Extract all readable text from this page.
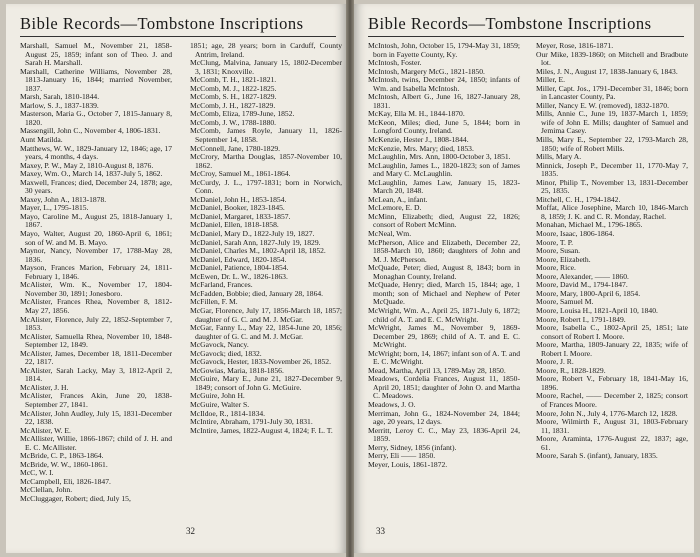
Bible Records—Tombstone Inscriptions

Marshall, Samuel M., November 21, 1858-August 25, 1859; infant son of Theo. J. and Sarah H. Marshall.

Marshall, Catherine Williams, November 28, 1813-January 16, 1844; married November, 1837.

Marsh, Sarah, 1810-1844.

Marlow, S. J., 1837-1839.

Masterson, Maria G., October 7, 1815-January 8, 1820.

Massengill, John C., November 4, 1806-1831.

Aunt Matilda.

Matthews, W. W., 1829-January 12, 1846; age, 17 years, 4 months, 4 days.

Maxey, P. W., May 2, 1810-August 8, 1876.

Maxey, Wm. O., March 14, 1837-July 5, 1862.

Maxwell, Frances; died, December 24, 1878; age, 30 years.

Maxey, John A., 1813-1878.

Mayer, L., 1795-1815.

Mayo, Caroline M., August 25, 1818-January 1, 1867.

Mayo, Walter, August 20, 1860-April 6, 1861; son of W. and M. B. Mayo.

Maynor, Nancy, November 17, 1788-May 28, 1836.

Mayson, Frances Marion, February 24, 1811-February 1, 1846.

McAlister, Wm. K., November 17, 1804-November 30, 1891; Jonesboro.

McAlister, Frances Rhea, November 8, 1812-May 27, 1856.

McAlister, Florence, July 22, 1852-September 7, 1853.

McAlister, Samuella Rhea, November 10, 1848-September 12, 1849.

McAlister, James, December 18, 1811-December 22, 1817.

McAlister, Sarah Lacky, May 3, 1812-April 2, 1814.

McAlister, J. H.

McAlister, Frances Akin, June 20, 1838-September 27, 1841.

McAlister, John Audley, July 15, 1831-December 22, 1838.

McAlister, W. E.

McAllister, Willie, 1866-1867; child of J. H. and E. C. McAllister.

McBride, C. P., 1863-1864.

McBride, W. W., 1860-1861.

McC, W. I.

McCampbell, Eli, 1826-1847.

McClellan, John.

McCluggager, Robert; died, July 15,

1851; age, 28 years; born in Carduff, County Antrim, Ireland.

McClung, Malvina, January 15, 1802-December 3, 1831; Knoxville.

McComb, T. H., 1821-1821.

McComb, M. J., 1822-1825.

McComb, S. H., 1827-1829.

McComb, J. H., 1827-1829.

McComb, Eliza, 1789-June, 1852.

McComb, J. W., 1788-1880.

McComb, James Royle, January 11, 1826-September 14, 1858.

McConnell, Jane, 1780-1829.

McCrory, Martha Douglas, 1857-November 10, 1862.

McCroy, Samuel M., 1861-1864.

McCurdy, J. L., 1797-1831; born in Norwich, Conn.

McDaniel, John H., 1853-1854.

McDaniel, Booker, 1823-1845.

McDaniel, Margaret, 1833-1857.

McDaniel, Ellen, 1818-1858.

McDaniel, Mary D., 1822-July 19, 1827.

McDaniel, Sarah Ann, 1827-July 19, 1829.

McDaniel, Charles M., 1802-April 18, 1852.

McDaniel, Edward, 1820-1854.

McDaniel, Patience, 1804-1854.

McEwen, Dr. L. W., 1826-1863.

McFarland, Frances.

McFadden, Bobbie; died, January 28, 1864.

McFillen, F. M.

McGar, Florence, July 17, 1856-March 18, 1857; daughter of G. C. and M. J. McGar.

McGar, Fanny L., May 22, 1854-June 20, 1856; daughter of G. C. and M. J. McGar.

McGavock, Nancy.

McGavock; died, 1832.

McGavock, Hester, 1833-November 26, 1852.

McGowias, Maria, 1818-1856.

McGuire, Mary E., June 21, 1827-December 9, 1849; consort of John G. McGuire.

McGuire, John H.

McGuire, Walter S.

McIldoe, R., 1814-1834.

McIntire, Abraham, 1791-July 30, 1831.

McIntire, James, 1822-August 4, 1824; F. L. T.

32
Bible Records—Tombstone Inscriptions

McIntosh, John, October 15, 1794-May 31, 1859; born in Fayette County, Ky.

McIntosh, Foster.

McIntosh, Margery McG., 1821-1850.

McIntosh, twins, December 24, 1850; infants of Wm. and Isabella McIntosh.

McIntosh, Albert G., June 16, 1827-January 28, 1831.

McKay, Ella M. H., 1844-1870.

McKeon, Miles; died, June 5, 1844; born in Longford County, Ireland.

McKenzie, Hester J., 1808-1844.

McKenzie, Mrs. Mary; died, 1853.

McLaughlin, Mrs. Ann, 1800-October 3, 1851.

McLaughlin, James L., 1820-1823; son of James and Mary C. McLaughlin.

McLaughlin, James Law, January 15, 1823-March 20, 1848.

McLean, A., infant.

McLemore, E. D.

McMinn, Elizabeth; died, August 22, 1826; consort of Robert McMinn.

McNeal, Wm.

McPherson, Alice and Elizabeth, December 22, 1858-March 10, 1860; daughters of John and M. J. McPherson.

McQuade, Peter; died, August 8, 1843; born in Monaghan County, Ireland.

McQuade, Henry; died, March 15, 1844; age, 1 month; son of Michael and Nephew of Peter McQuade.

McWright, Wm. A., April 25, 1871-July 6, 1872; child of A. T. and E. C. McWright.

McWright, James M., November 9, 1869-December 29, 1869; child of A. T. and E. C. McWright.

McWright; born, 14, 1867; infant son of A. T. and E. C. McWright.

Mead, Martha, April 13, 1789-May 28, 1850.

Meadows, Cordelia Frances, August 11, 1850-April 20, 1851; daughter of John O. and Martha C. Meadows.

Meadows, J. O.

Merriman, John G., 1824-November 24, 1844; age, 20 years, 12 days.

Merritt, Leroy C. C., May 23, 1836-April 24, 1859.

Merry, Sidney, 1856 (infant).

Merry, Eli —— 1850.

Meyer, Louis, 1861-1872.

Meyer, Rose, 1816-1871.

Our Mike, 1839-1860; on Mitchell and Bradbute lot.

Miles, J. N., August 17, 1838-January 6, 1843.

Miller, E.

Miller, Capt. Jos., 1791-December 31, 1846; born in Lancaster County, Pa.

Miller, Nancy E. W. (removed), 1832-1870.

Mills, Annie C., June 19, 1837-March 1, 1859; wife of John E. Mills; daughter of Samuel and Jemima Casey.

Mills, Mary E., September 22, 1793-March 28, 1850; wife of Robert Mills.

Mills, Mary A.

Minnick, Joseph P., December 11, 1770-May 7, 1835.

Minor, Philip T., November 13, 1831-December 25, 1835.

Mitchell, C. H., 1794-1842.

Moffat, Alice Josephine, March 10, 1846-March 8, 1859; J. K. and C. R. Monday, Rachel.

Monahan, Michael M., 1796-1865.

Moore, Isaac, 1806-1864.

Moore, T. P.

Moore, Susan.

Moore, Elizabeth.

Moore, Rice.

Moore, Alexander, —— 1860.

Moore, David M., 1794-1847.

Moore, Mary, 1800-April 6, 1854.

Moore, Samuel M.

Moore, Louisa H., 1821-April 10, 1840.

Moore, Robert I., 1791-1849.

Moore, Isabella C., 1802-April 25, 1851; late consort of Robert I. Moore.

Moore, Martha, 1809-January 22, 1835; wife of Robert I. Moore.

Moore, J. R.

Moore, R., 1828-1829.

Moore, Robert V., February 18, 1841-May 16, 1896.

Moore, Rachel, —— December 2, 1825; consort of Frances Moore.

Moore, John N., July 4, 1776-March 12, 1828.

Moore, Wilmirth F., August 31, 1803-February 11, 1831.

Moore, Araminta, 1776-August 22, 1837; age, 61.

Moore, Sarah S. (infant), January, 1835.

33
